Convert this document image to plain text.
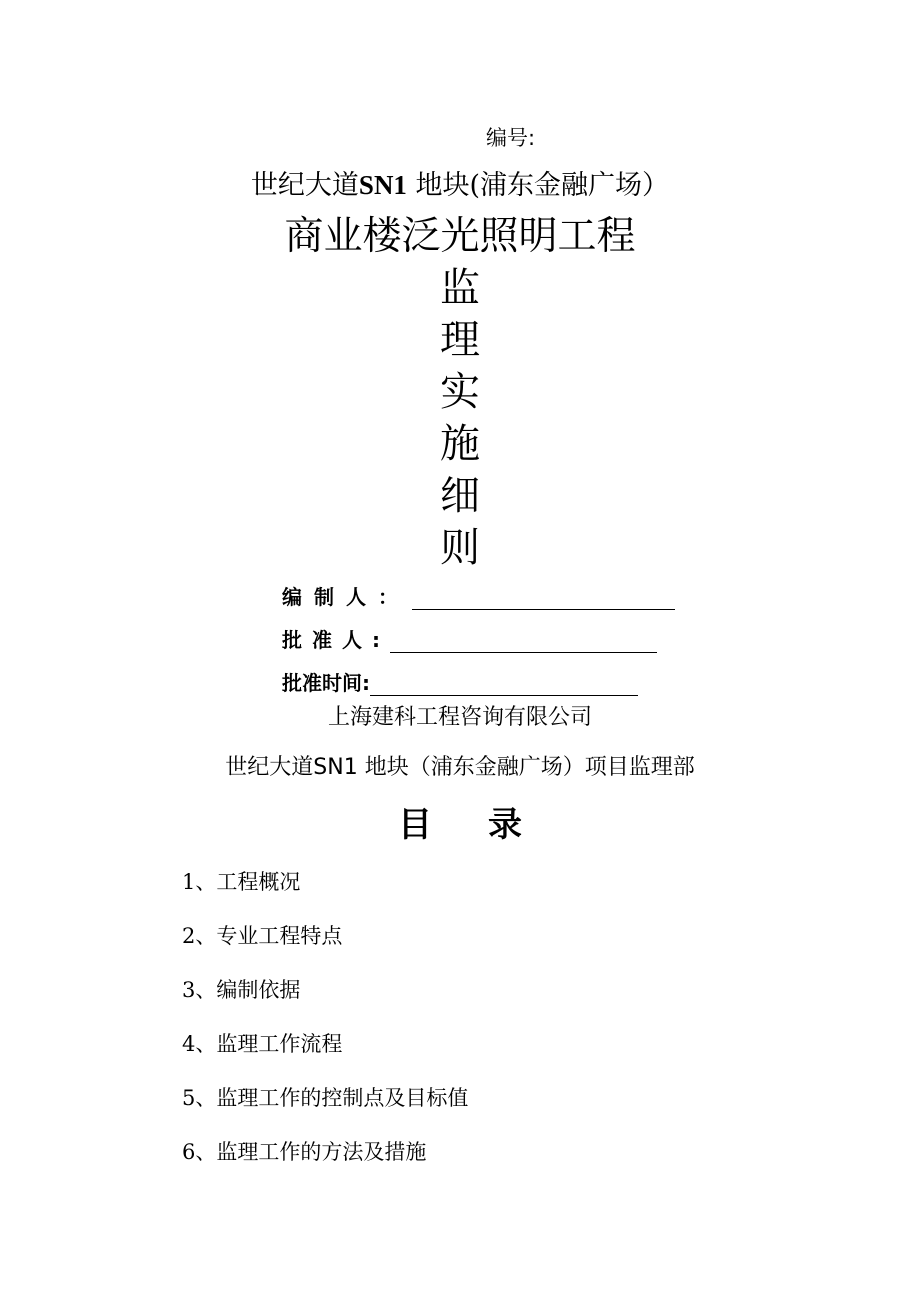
编号:
世纪大道SN1 地块(浦东金融广场）
商业楼泛光照明工程
监
理
实
施
细
则
编制人：
批准人:
批准时间:
上海建科工程咨询有限公司
世纪大道SN1 地块（浦东金融广场）项目监理部
目录
1、工程概况
2、专业工程特点
3、编制依据
4、监理工作流程
5、监理工作的控制点及目标值
6、监理工作的方法及措施
